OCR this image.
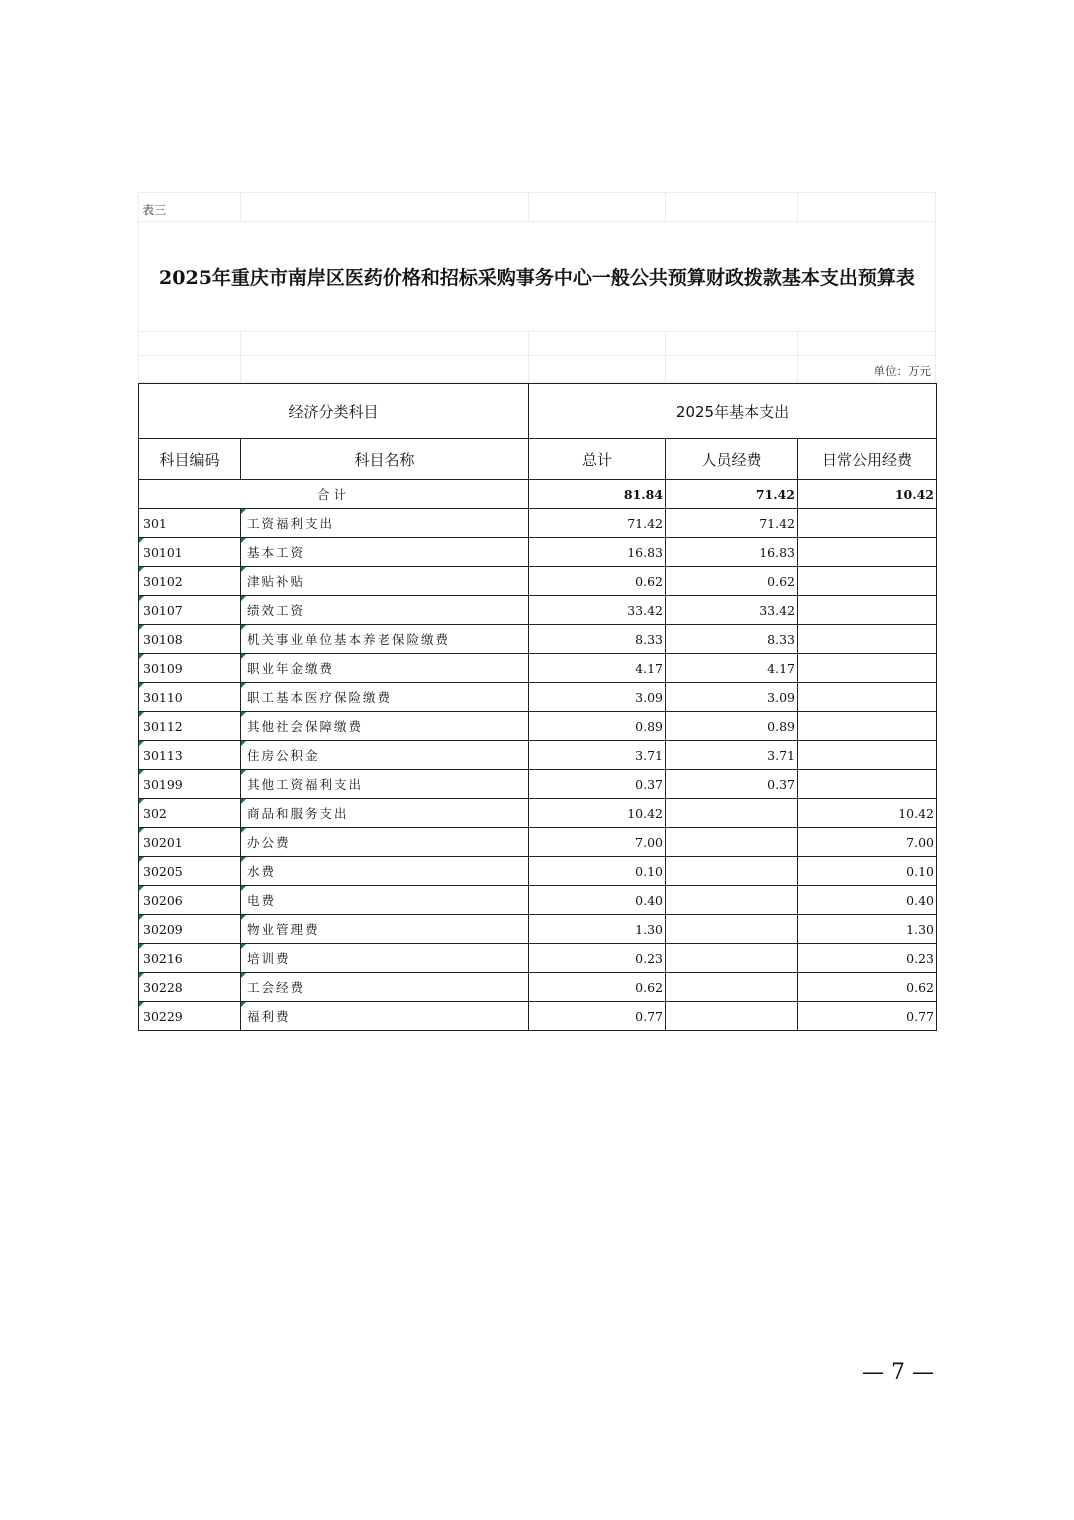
表三
2025年重庆市南岸区医药价格和招标采购事务中心一般公共预算财政拨款基本支出预算表
单位：万元
经济分类科目		2025年基本支出		
科目编码	科目名称	总计	人员经费	日常公用经费
合计		81.84	71.42	10.42
301	工资福利支出	71.42	71.42	
30101	基本工资	16.83	16.83	
30102	津贴补贴	0.62	0.62	
30107	绩效工资	33.42	33.42	
30108	机关事业单位基本养老保险缴费	8.33	8.33	
30109	职业年金缴费	4.17	4.17	
30110	职工基本医疗保险缴费	3.09	3.09	
30112	其他社会保障缴费	0.89	0.89	
30113	住房公积金	3.71	3.71	
30199	其他工资福利支出	0.37	0.37	
302	商品和服务支出	10.42		10.42
30201	办公费	7.00		7.00
30205	水费	0.10		0.10
30206	电费	0.40		0.40
30209	物业管理费	1.30		1.30
30216	培训费	0.23		0.23
30228	工会经费	0.62		0.62
30229	福利费	0.77		0.77
— 7 —
